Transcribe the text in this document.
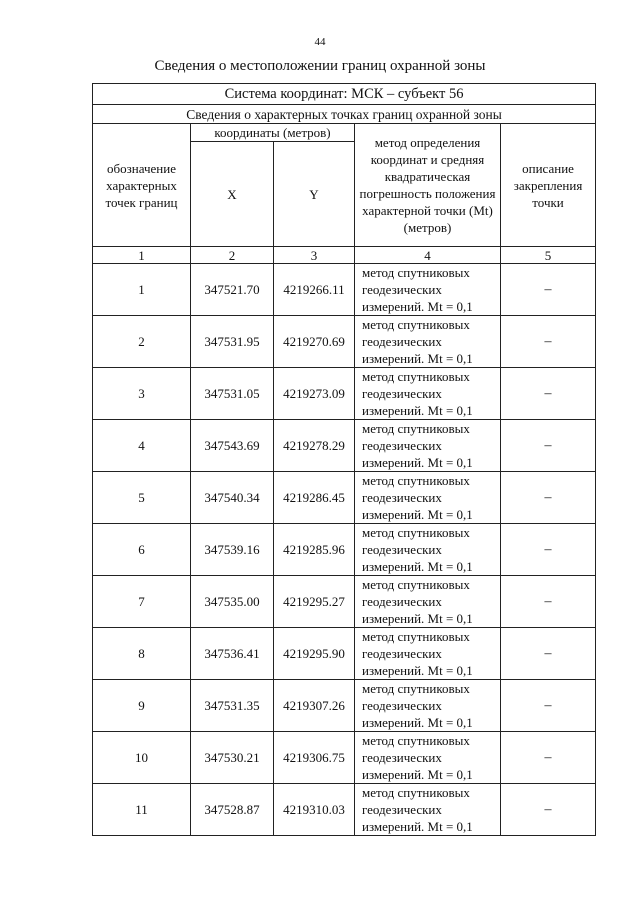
44
Сведения о местоположении границ охранной зоны
Система координат: МСК – субъект 56				
Сведения о характерных точках границ охранной зоны				
обозначение характерных точек границ	координаты (метров)		метод определения координат и средняя квадратическая погрешность положения характерной точки (Mt) (метров)	описание закрепления точки
	X	Y		
1	2	3	4	5
1	347521.70	4219266.11	метод спутниковых геодезических измерений. Mt = 0,1	–
2	347531.95	4219270.69	метод спутниковых геодезических измерений. Mt = 0,1	–
3	347531.05	4219273.09	метод спутниковых геодезических измерений. Mt = 0,1	–
4	347543.69	4219278.29	метод спутниковых геодезических измерений. Mt = 0,1	–
5	347540.34	4219286.45	метод спутниковых геодезических измерений. Mt = 0,1	–
6	347539.16	4219285.96	метод спутниковых геодезических измерений. Mt = 0,1	–
7	347535.00	4219295.27	метод спутниковых геодезических измерений. Mt = 0,1	–
8	347536.41	4219295.90	метод спутниковых геодезических измерений. Mt = 0,1	–
9	347531.35	4219307.26	метод спутниковых геодезических измерений. Mt = 0,1	–
10	347530.21	4219306.75	метод спутниковых геодезических измерений. Mt = 0,1	–
11	347528.87	4219310.03	метод спутниковых геодезических измерений. Mt = 0,1	–
